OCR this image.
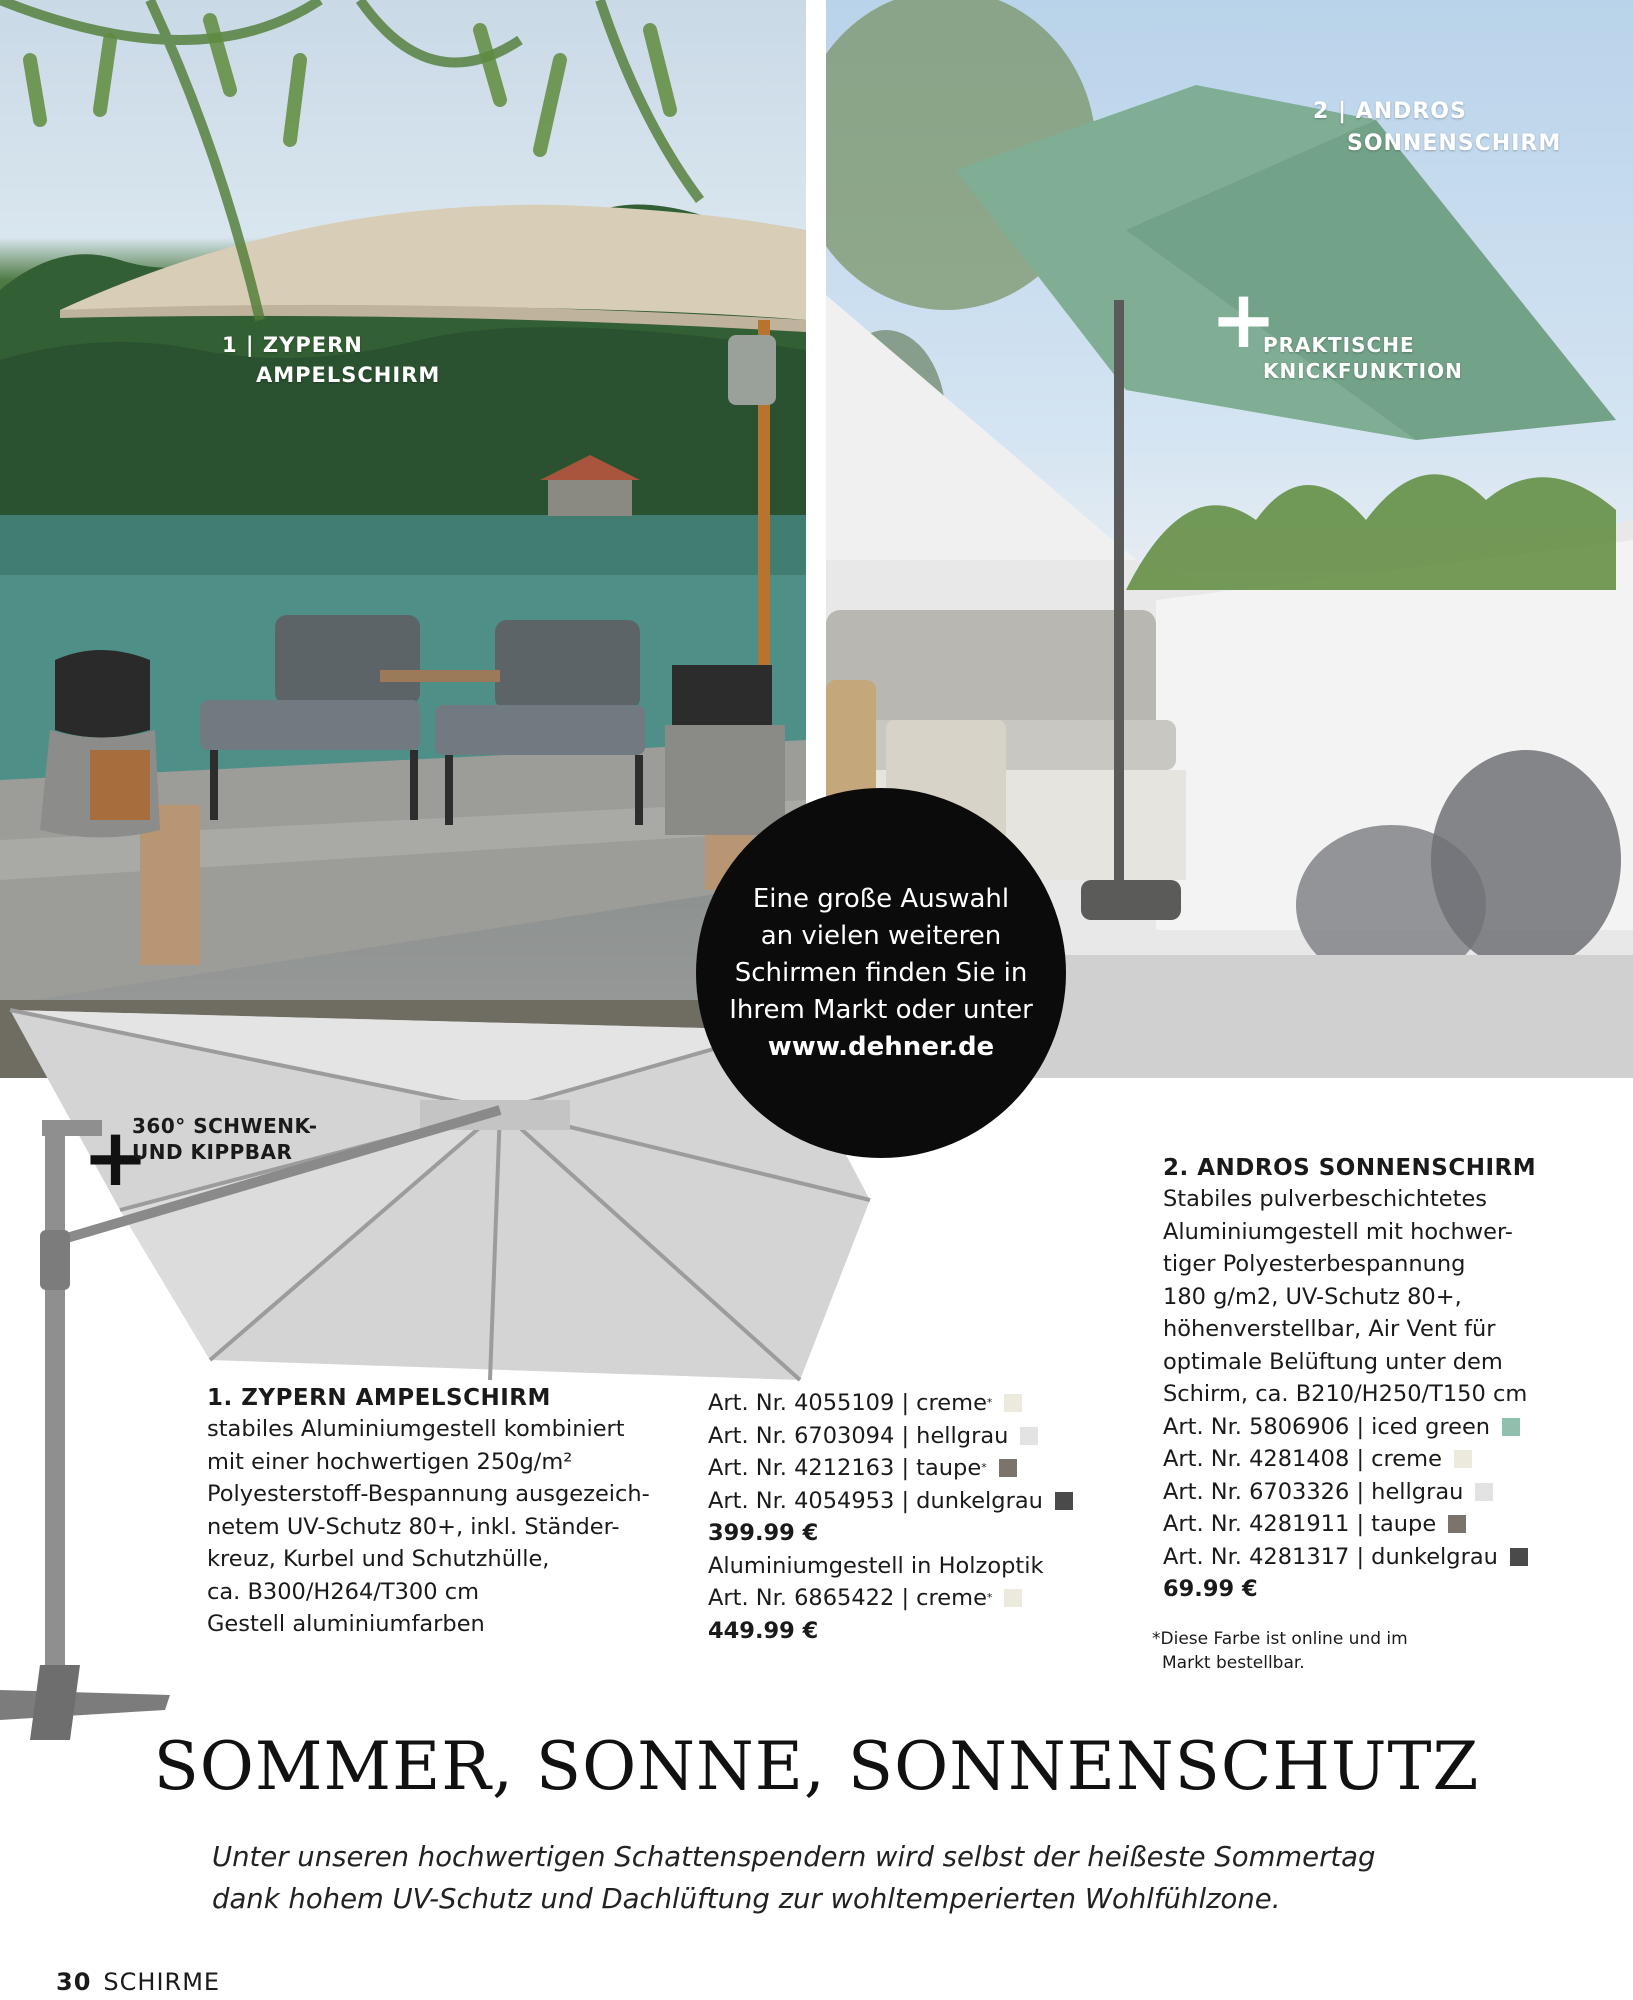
1 | ZYPERN
AMPELSCHIRM
2 | ANDROS
SONNENSCHIRM
+
PRAKTISCHE
KNICKFUNKTION
+
360° SCHWENK-
UND KIPPBAR
Eine große Auswahl
an vielen weiteren
Schirmen finden Sie in
Ihrem Markt oder unter
www.dehner.de
1. ZYPERN AMPELSCHIRM
stabiles Aluminiumgestell kombiniert
mit einer hochwertigen 250g/m²
Polyesterstoff-Bespannung ausgezeich-
netem UV-Schutz 80+, inkl. Ständer-
kreuz, Kurbel und Schutzhülle,
ca. B300/H264/T300 cm
Gestell aluminiumfarben
Art. Nr. 4055109 | creme *
Art. Nr. 6703094 | hellgrau
Art. Nr. 4212163 | taupe *
Art. Nr. 4054953 | dunkelgrau
399.99 €
Aluminiumgestell in Holzoptik
Art. Nr. 6865422 | creme *
449.99 €
2. ANDROS SONNENSCHIRM
Stabiles pulverbeschichtetes
Aluminiumgestell mit hochwer-
tiger Polyesterbespannung
180 g/m2, UV-Schutz 80+,
höhenverstellbar, Air Vent für
optimale Belüftung unter dem
Schirm, ca. B210/H250/T150 cm
Art. Nr. 5806906 | iced green
Art. Nr. 4281408 | creme
Art. Nr. 6703326 | hellgrau
Art. Nr. 4281911 | taupe
Art. Nr. 4281317 | dunkelgrau
69.99 €
*Diese Farbe ist online und im
Markt bestellbar.
SOMMER, SONNE, SONNENSCHUTZ
Unter unseren hochwertigen Schattenspendern wird selbst der heißeste Sommertag
dank hohem UV-Schutz und Dachlüftung zur wohltemperierten Wohlfühlzone.
30 SCHIRME
